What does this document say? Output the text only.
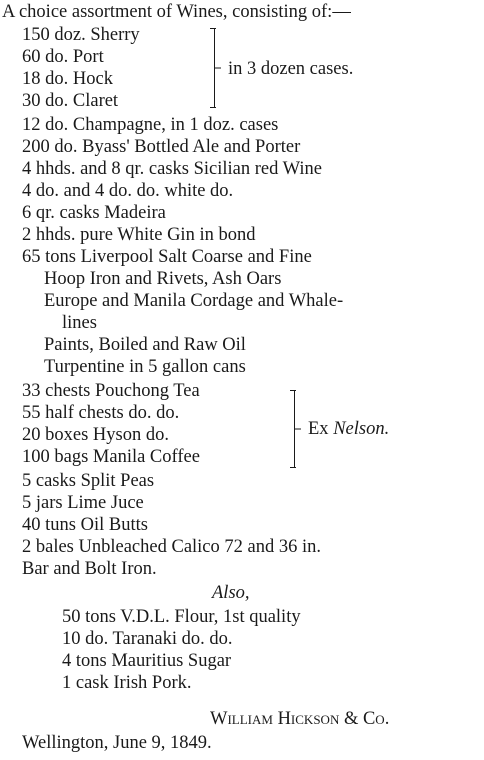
A choice assortment of Wines, consisting of:—
150 doz. Sherry
60 do. Port
18 do. Hock
30 do. Claret
in 3 dozen cases.
12 do. Champagne, in 1 doz. cases
200 do. Byass' Bottled Ale and Porter
4 hhds. and 8 qr. casks Sicilian red Wine
4 do. and 4 do. do. white do.
6 qr. casks Madeira
2 hhds. pure White Gin in bond
65 tons Liverpool Salt Coarse and Fine
Hoop Iron and Rivets, Ash Oars
Europe and Manila Cordage and Whale-
lines
Paints, Boiled and Raw Oil
Turpentine in 5 gallon cans
33 chests Pouchong Tea
55 half chests do. do.
20 boxes Hyson do.
100 bags Manila Coffee
Ex Nelson.
5 casks Split Peas
5 jars Lime Juce
40 tuns Oil Butts
2 bales Unbleached Calico 72 and 36 in.
Bar and Bolt Iron.
Also,
50 tons V.D.L. Flour, 1st quality
10 do. Taranaki do. do.
4 tons Mauritius Sugar
1 cask Irish Pork.
William Hickson & Co.
Wellington, June 9, 1849.
